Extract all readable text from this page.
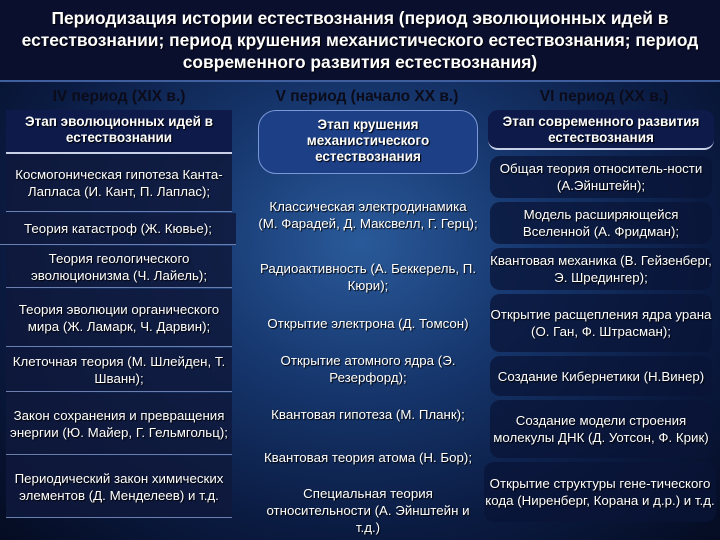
Периодизация истории естествознания (период эволюционных идей в естествознании; период крушения механистического естествознания; период современного развития естествознания)
IV период (XIX в.)	V период (начало XX в.)	VI период (XX в.)
Этап эволюционных идей в естествознании
Космогоническая гипотеза Канта-Лапласа (И. Кант, П. Лаплас);
Теория катастроф (Ж. Кювье);
Теория геологического эволюционизма (Ч. Лайель);
Теория эволюции органического мира (Ж. Ламарк, Ч. Дарвин);
Клеточная теория (М. Шлейден, Т. Шванн);
Закон сохранения и превращения энергии (Ю. Майер, Г. Гельмгольц);
Периодический закон химических элементов (Д. Менделеев) и т.д.
Этап крушения механистического естествознания
Классическая электродинамика (М. Фарадей, Д. Максвелл, Г. Герц);
Радиоактивность (А. Беккерель, П. Кюри);
Открытие электрона (Д. Томсон)
Открытие атомного ядра (Э. Резерфорд);
Квантовая гипотеза (М. Планк);
Квантовая теория атома (Н. Бор);
Специальная теория относительности (А. Эйнштейн и т.д.)
Этап современного развития естествознания
Общая теория относитель-ности (А.Эйнштейн);
Модель расширяющейся Вселенной (А. Фридман);
Квантовая механика (В. Гейзенберг, Э. Шредингер);
Открытие расщепления ядра урана (О. Ган, Ф. Штрасман);
Создание Кибернетики (Н.Винер)
Создание модели строения молекулы ДНК (Д. Уотсон, Ф. Крик)
Открытие структуры гене-тического кода (Ниренберг, Корана и д.р.) и т.д.
